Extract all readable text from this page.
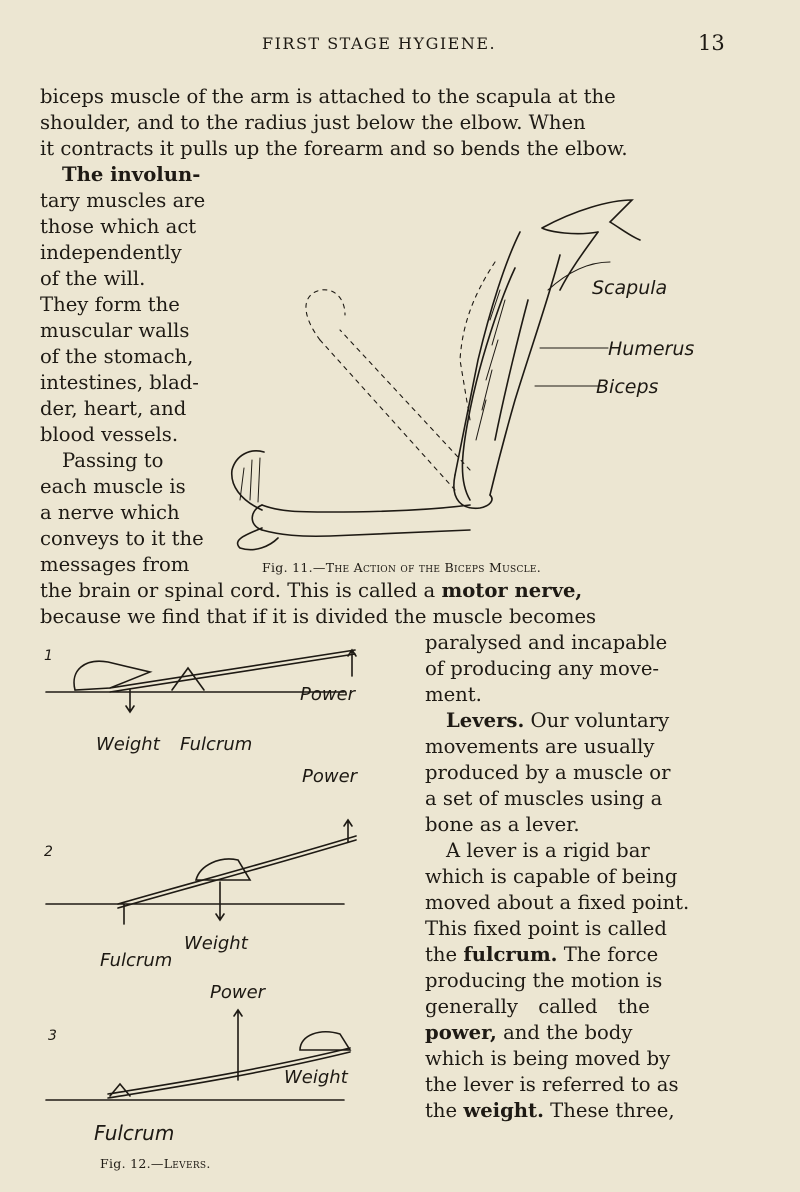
FIRST STAGE HYGIENE.	13

biceps muscle of the arm is attached to the scapula at the

shoulder, and to the radius just below the elbow. When

it contracts it pulls up the forearm and so bends the elbow.

The involun-

tary muscles are

those which act

independently

of the will.

They form the

muscular walls

of the stomach,

intestines, blad-

der, heart, and

blood vessels.

Passing to

each muscle is

a nerve which

conveys to it the

messages from	Fig. 11.—The Action of the Biceps Muscle.

the brain or spinal cord. This is called a motor nerve,

because we find that if it is divided the muscle becomes

paralysed and incapable

of producing any move-

ment.

Levers. Our voluntary

movements are usually

produced by a muscle or

a set of muscles using a

bone as a lever.

A lever is a rigid bar

which is capable of being

moved about a fixed point.

This fixed point is called

the fulcrum. The force

producing the motion is

generally called the

power, and the body

which is being moved by

the lever is referred to as

the weight. These three,

Fig. 12.—Levers.

Scapula
Humerus
Biceps
1
Power
Weight Fulcrum
2
Power
Weight
Fulcrum
3
Power
Weight
Fulcrum
